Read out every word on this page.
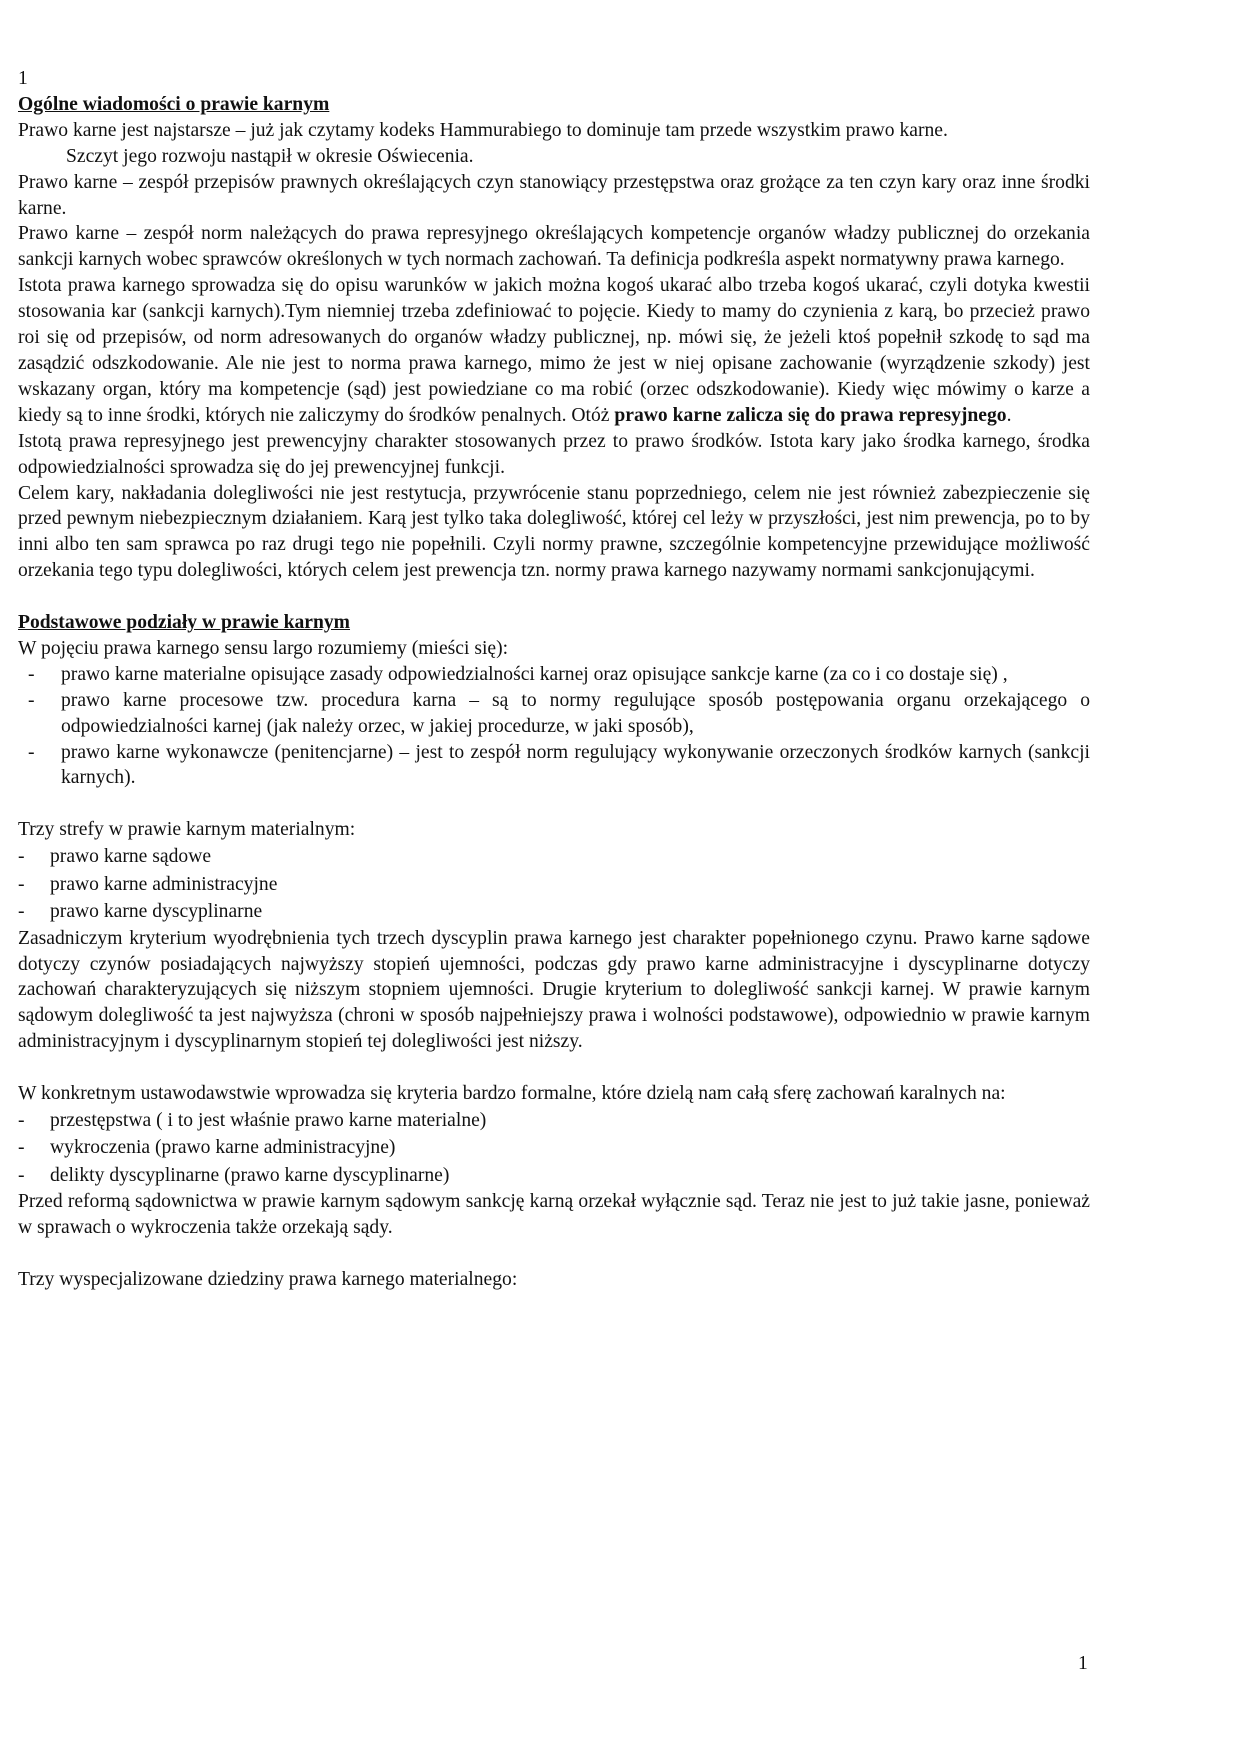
1

Ogólne wiadomości o prawie karnym

Prawo karne jest najstarsze – już jak czytamy kodeks Hammurabiego to dominuje tam przede wszystkim prawo karne.

Szczyt jego rozwoju nastąpił w okresie Oświecenia.

Prawo karne – zespół przepisów prawnych określających czyn stanowiący przestępstwa oraz grożące za ten czyn kary oraz inne środki karne.

Prawo karne – zespół norm należących do prawa represyjnego określających kompetencje organów władzy publicznej do orzekania sankcji karnych wobec sprawców określonych w tych normach zachowań. Ta definicja podkreśla aspekt normatywny prawa karnego.

Istota prawa karnego sprowadza się do opisu warunków w jakich można kogoś ukarać albo trzeba kogoś ukarać, czyli dotyka kwestii stosowania kar (sankcji karnych).Tym niemniej trzeba zdefiniować to pojęcie. Kiedy to mamy do czynienia z karą, bo przecież prawo roi się od przepisów, od norm adresowanych do organów władzy publicznej, np. mówi się, że jeżeli ktoś popełnił szkodę to sąd ma zasądzić odszkodowanie. Ale nie jest to norma prawa karnego, mimo że jest w niej opisane zachowanie (wyrządzenie szkody) jest wskazany organ, który ma kompetencje (sąd) jest powiedziane co ma robić (orzec odszkodowanie). Kiedy więc mówimy o karze a kiedy są to inne środki, których nie zaliczymy do środków penalnych. Otóż prawo karne zalicza się do prawa represyjnego.

Istotą prawa represyjnego jest prewencyjny charakter stosowanych przez to prawo środków. Istota kary jako środka karnego, środka odpowiedzialności sprowadza się do jej prewencyjnej funkcji.

Celem kary, nakładania dolegliwości nie jest restytucja, przywrócenie stanu poprzedniego, celem nie jest również zabezpieczenie się przed pewnym niebezpiecznym działaniem. Karą jest tylko taka dolegliwość, której cel leży w przyszłości, jest nim prewencja, po to by inni albo ten sam sprawca po raz drugi tego nie popełnili. Czyli normy prawne, szczególnie kompetencyjne przewidujące możliwość orzekania tego typu dolegliwości, których celem jest prewencja tzn. normy prawa karnego nazywamy normami sankcjonującymi.

Podstawowe podziały w prawie karnym

W pojęciu prawa karnego sensu largo rozumiemy (mieści się):

- prawo karne materialne opisujące zasady odpowiedzialności karnej oraz opisujące sankcje karne (za co i co dostaje się) ,
- prawo karne procesowe tzw. procedura karna – są to normy regulujące sposób postępowania organu orzekającego o odpowiedzialności karnej (jak należy orzec, w jakiej procedurze, w jaki sposób),
- prawo karne wykonawcze (penitencjarne) – jest to zespół norm regulujący wykonywanie orzeczonych środków karnych (sankcji karnych).

Trzy strefy w prawie karnym materialnym:

- prawo karne sądowe
- prawo karne administracyjne
- prawo karne dyscyplinarne

Zasadniczym kryterium wyodrębnienia tych trzech dyscyplin prawa karnego jest charakter popełnionego czynu. Prawo karne sądowe dotyczy czynów posiadających najwyższy stopień ujemności, podczas gdy prawo karne administracyjne i dyscyplinarne dotyczy zachowań charakteryzujących się niższym stopniem ujemności. Drugie kryterium to dolegliwość sankcji karnej. W prawie karnym sądowym dolegliwość ta jest najwyższa (chroni w sposób najpełniejszy prawa i wolności podstawowe), odpowiednio w prawie karnym administracyjnym i dyscyplinarnym stopień tej dolegliwości jest niższy.

W konkretnym ustawodawstwie wprowadza się kryteria bardzo formalne, które dzielą nam całą sferę zachowań karalnych na:

- przestępstwa ( i to jest właśnie prawo karne materialne)
- wykroczenia (prawo karne administracyjne)
- delikty dyscyplinarne (prawo karne dyscyplinarne)

Przed reformą sądownictwa w prawie karnym sądowym sankcję karną orzekał wyłącznie sąd. Teraz nie jest to już takie jasne, ponieważ w sprawach o wykroczenia także orzekają sądy.

Trzy wyspecjalizowane dziedziny prawa karnego materialnego:

1
